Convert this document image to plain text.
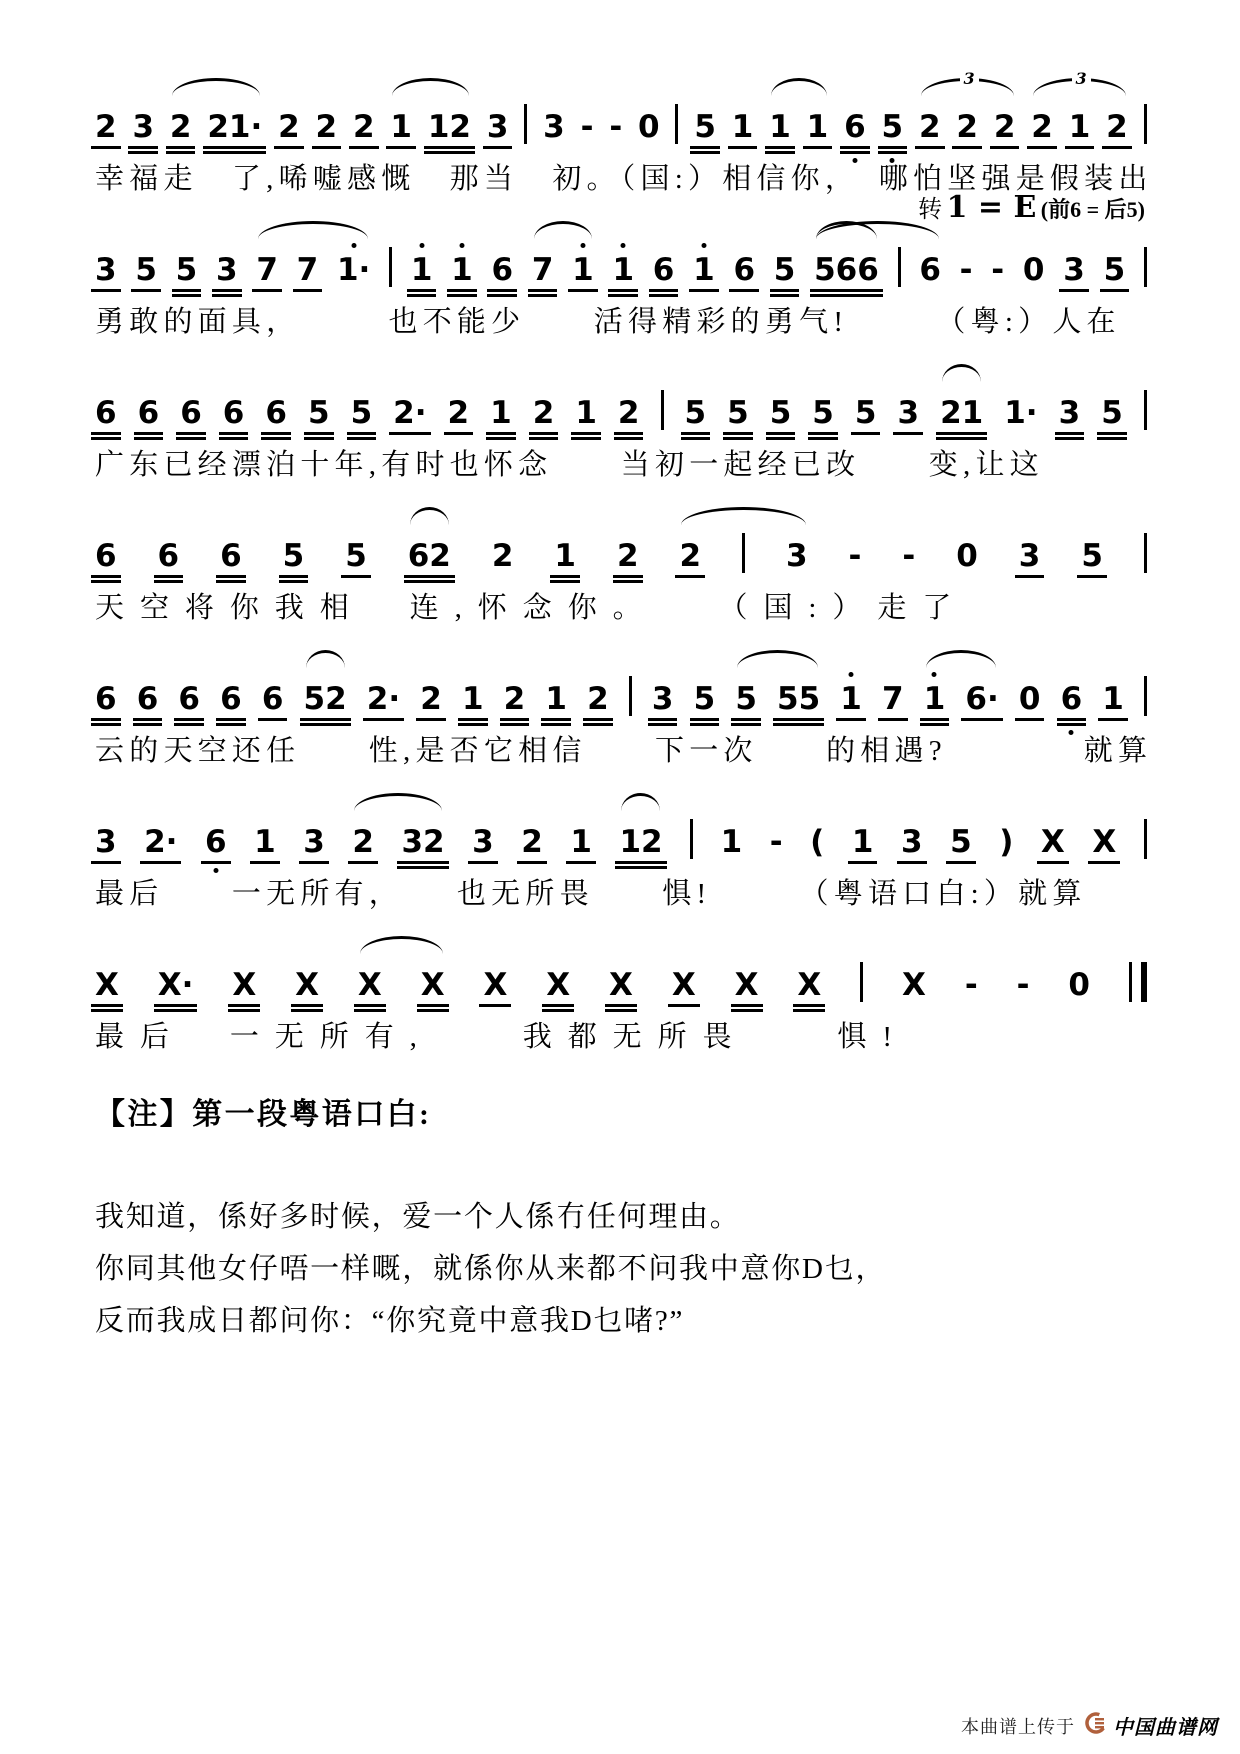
2 3 2 21· 2 2 2 1 12 3 3 - - 0 5 1 1 1 6 5 2 2 2 2 1 2
3	3
幸福走　了,唏嘘感慨　那当　初。（国:）相信你，　哪怕坚强是假装出
转 1 = E (前6 = 后5)
3 5 5 3 7 7 1· 1 1 6 7 1 1 6 1 6 5 566 6 - - 0 3 5
勇敢的面具，　　　也不能少　　活得精彩的勇气!　　　（粤:）人在
6 6 6 6 6 5 5 2· 2 1 2 1 2 5 5 5 5 5 3 21 1· 3 5
广东已经漂泊十年,有时也怀念　　当初一起经已改　　变,让这
6 6 6 5 5 62 2 1 2 2	3 - - 0 3 5
天空将你我相　连,怀念你。　　（国:）走了
6 6 6 6 6 52 2· 2 1 2 1 2 3 5 5 55 1 7 1 6· 0 6 1
云的天空还任　　性,是否它相信　　下一次　　的相遇?　　　　就算
3 2· 6 1 3 2 32 3 2 1 12 1 - ( 1 3 5 ) X X
最后　　一无所有，　　也无所畏　　惧!　　　（粤语口白:）就算
X X· X X X X X X X X X X	X - - 0
最后　一无所有,　　我都无所畏　　惧!
【注】第一段粤语口白:
我知道，係好多时候，爱一个人係冇任何理由。
你同其他女仔唔一样嘅，就係你从来都不问我中意你D乜，
反而我成日都问你：“你究竟中意我D乜啫?”
本曲谱上传于 中国曲谱网
